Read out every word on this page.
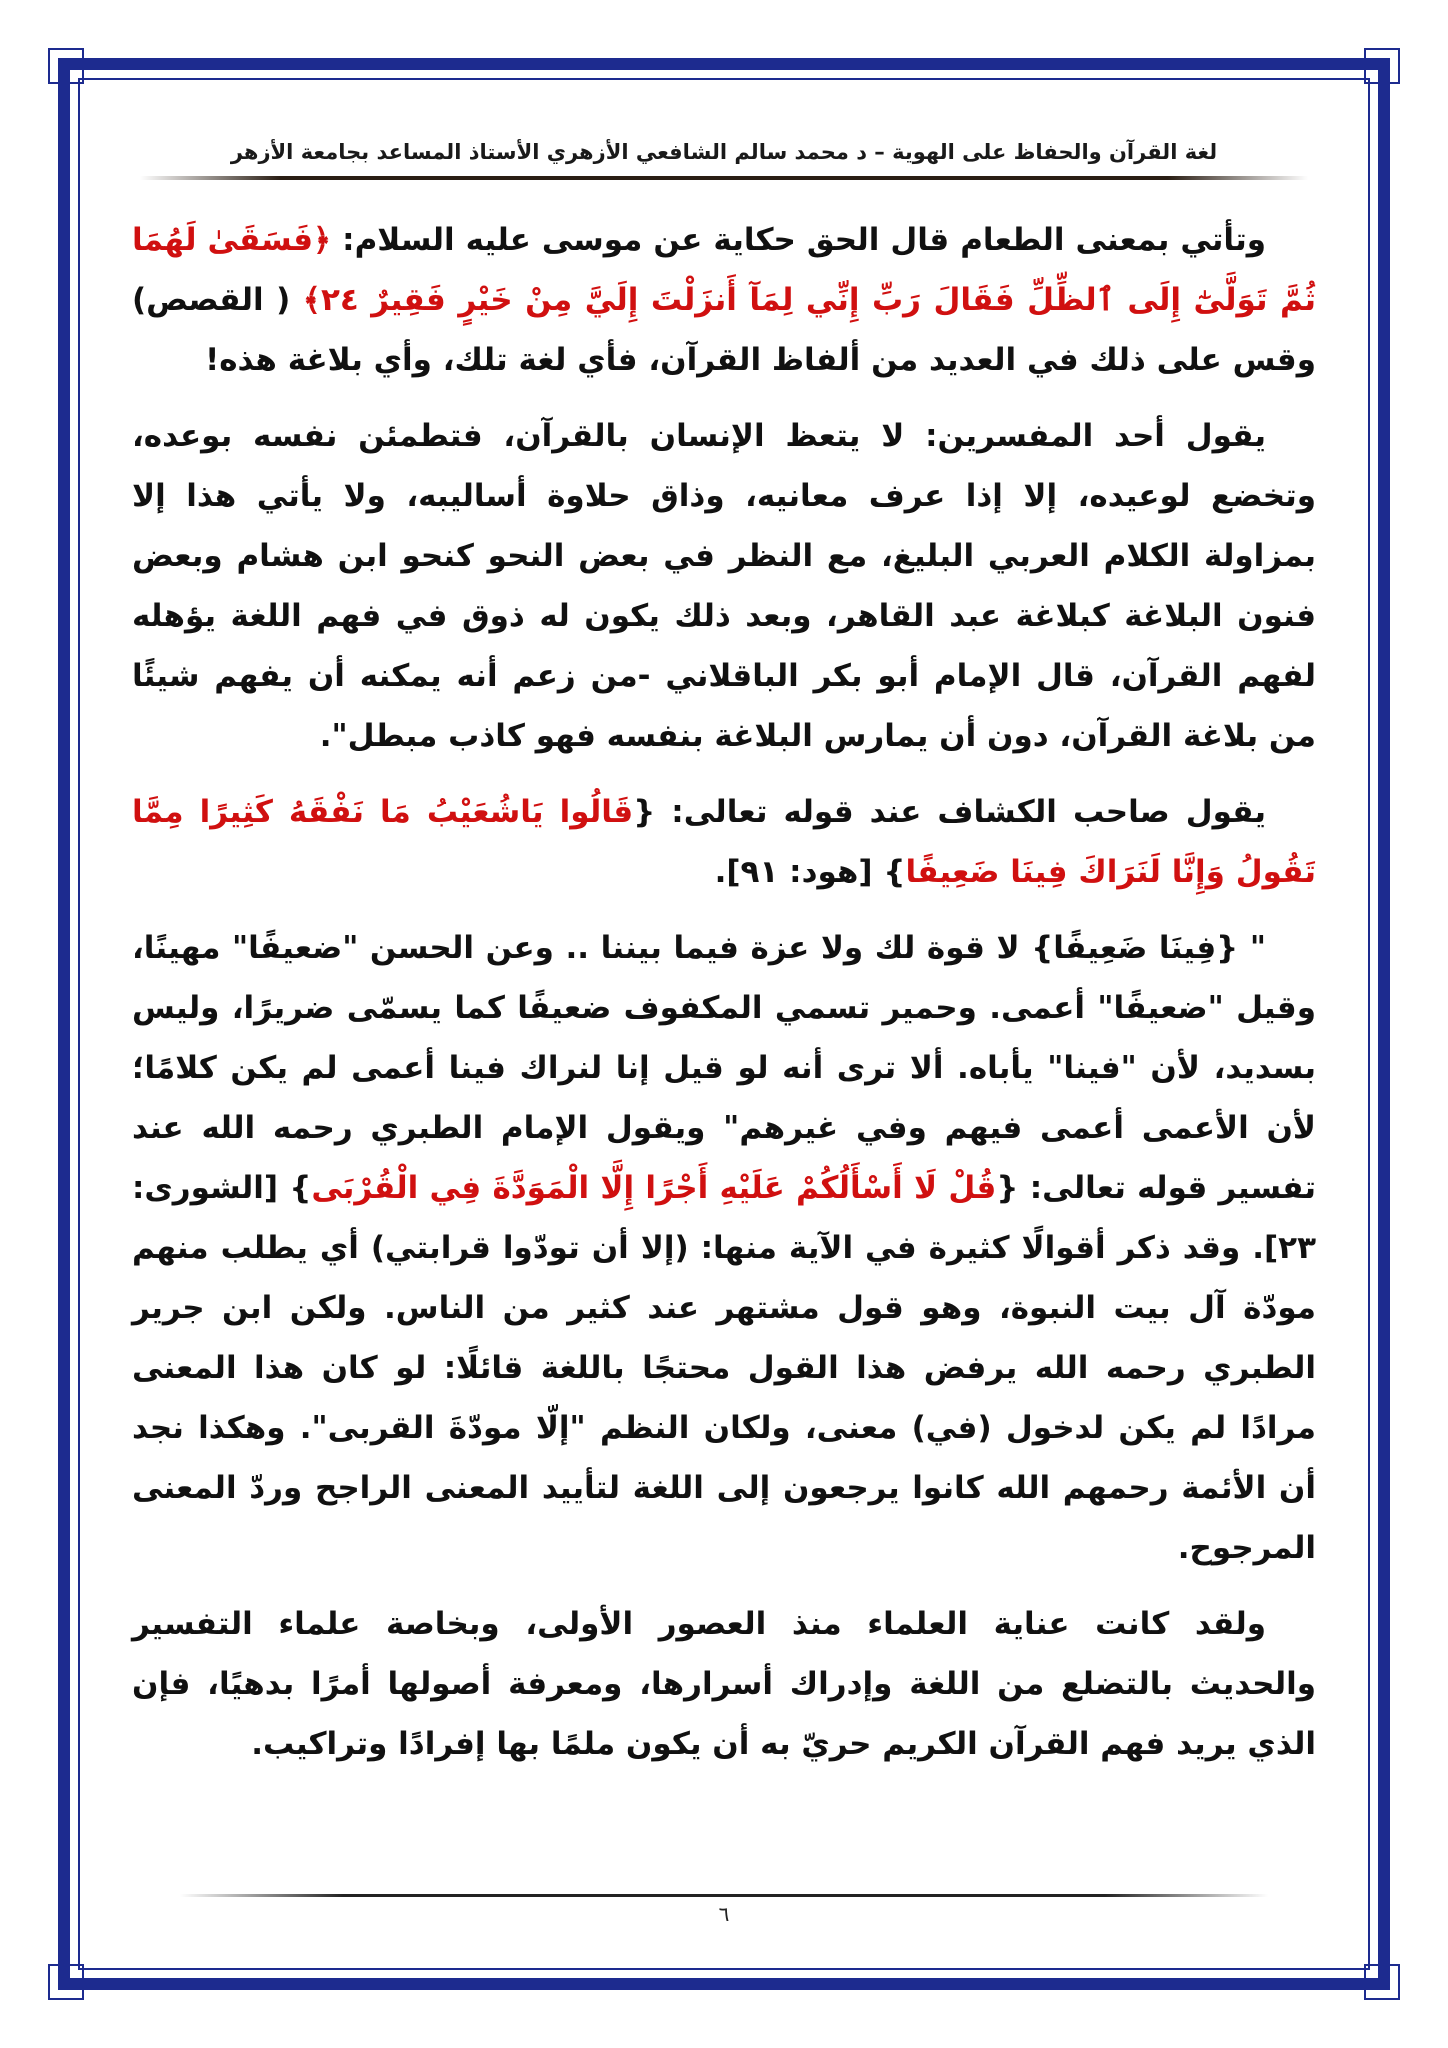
لغة القرآن والحفاظ على الهوية – د محمد سالم الشافعي الأزهري الأستاذ المساعد بجامعة الأزهر

وتأتي بمعنى الطعام قال الحق حكاية عن موسى عليه السلام: ﴿فَسَقَىٰ لَهُمَا ثُمَّ تَوَلَّىٰٓ إِلَى ٱلظِّلِّ فَقَالَ رَبِّ إِنِّي لِمَآ أَنزَلْتَ إِلَيَّ مِنْ خَيْرٍ فَقِيرٌ ٢٤﴾ ( القصص) وقس على ذلك في العديد من ألفاظ القرآن، فأي لغة تلك، وأي بلاغة هذه!

يقول أحد المفسرين: لا يتعظ الإنسان بالقرآن، فتطمئن نفسه بوعده، وتخضع لوعيده، إلا إذا عرف معانيه، وذاق حلاوة أساليبه، ولا يأتي هذا إلا بمزاولة الكلام العربي البليغ، مع النظر في بعض النحو كنحو ابن هشام وبعض فنون البلاغة كبلاغة عبد القاهر، وبعد ذلك يكون له ذوق في فهم اللغة يؤهله لفهم القرآن، قال الإمام أبو بكر الباقلاني -من زعم أنه يمكنه أن يفهم شيئًا من بلاغة القرآن، دون أن يمارس البلاغة بنفسه فهو كاذب مبطل".

يقول صاحب الكشاف عند قوله تعالى: {قَالُوا يَاشُعَيْبُ مَا نَفْقَهُ كَثِيرًا مِمَّا تَقُولُ وَإِنَّا لَنَرَاكَ فِينَا ضَعِيفًا} [هود: ٩١].

" {فِينَا ضَعِيفًا} لا قوة لك ولا عزة فيما بيننا .. وعن الحسن "ضعيفًا" مهينًا، وقيل "ضعيفًا" أعمى. وحمير تسمي المكفوف ضعيفًا كما يسمّى ضريرًا، وليس بسديد، لأن "فينا" يأباه. ألا ترى أنه لو قيل إنا لنراك فينا أعمى لم يكن كلامًا؛ لأن الأعمى أعمى فيهم وفي غيرهم" ويقول الإمام الطبري رحمه الله عند تفسير قوله تعالى: {قُلْ لَا أَسْأَلُكُمْ عَلَيْهِ أَجْرًا إِلَّا الْمَوَدَّةَ فِي الْقُرْبَى} [الشورى: ٢٣]. وقد ذكر أقوالًا كثيرة في الآية منها: (إلا أن تودّوا قرابتي) أي يطلب منهم مودّة آل بيت النبوة، وهو قول مشتهر عند كثير من الناس. ولكن ابن جرير الطبري رحمه الله يرفض هذا القول محتجًا باللغة قائلًا: لو كان هذا المعنى مرادًا لم يكن لدخول (في) معنى، ولكان النظم "إلّا مودّةَ القربى". وهكذا نجد أن الأئمة رحمهم الله كانوا يرجعون إلى اللغة لتأييد المعنى الراجح وردّ المعنى المرجوح.

ولقد كانت عناية العلماء منذ العصور الأولى، وبخاصة علماء التفسير والحديث بالتضلع من اللغة وإدراك أسرارها، ومعرفة أصولها أمرًا بدهيًا، فإن الذي يريد فهم القرآن الكريم حريّ به أن يكون ملمًا بها إفرادًا وتراكيب.

٦
